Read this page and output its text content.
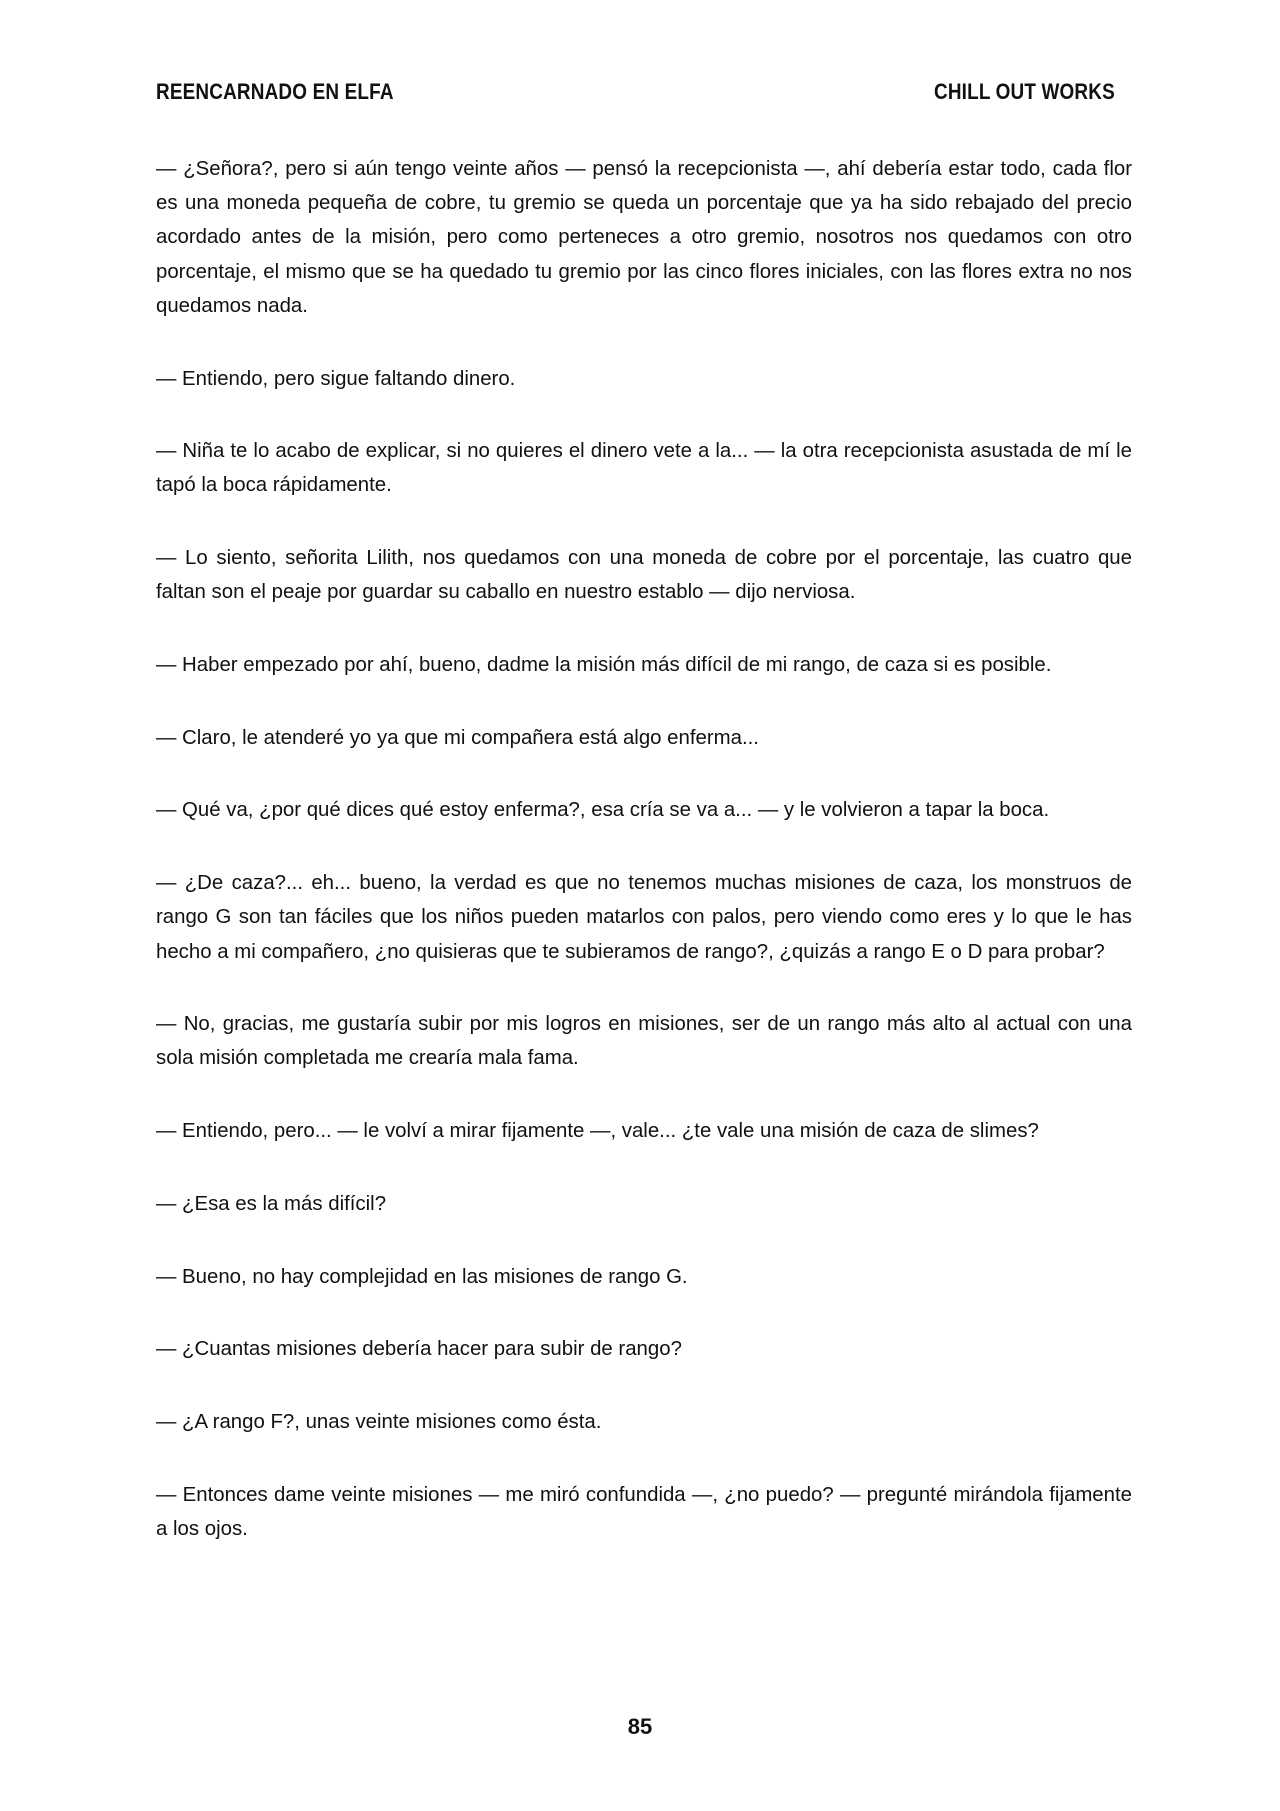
REENCARNADO EN ELFA	CHILL OUT WORKS

— ¿Señora?, pero si aún tengo veinte años — pensó la recepcionista —, ahí debería estar todo, cada flor es una moneda pequeña de cobre, tu gremio se queda un porcentaje que ya ha sido rebajado del precio acordado antes de la misión, pero como perteneces a otro gremio, nosotros nos quedamos con otro porcentaje, el mismo que se ha quedado tu gremio por las cinco flores iniciales, con las flores extra no nos quedamos nada.

— Entiendo, pero sigue faltando dinero.

— Niña te lo acabo de explicar, si no quieres el dinero vete a la... — la otra recepcionista asustada de mí le tapó la boca rápidamente.

— Lo siento, señorita Lilith, nos quedamos con una moneda de cobre por el porcentaje, las cuatro que faltan son el peaje por guardar su caballo en nuestro establo — dijo nerviosa.

— Haber empezado por ahí, bueno, dadme la misión más difícil de mi rango, de caza si es posible.

— Claro, le atenderé yo ya que mi compañera está algo enferma...

— Qué va, ¿por qué dices qué estoy enferma?, esa cría se va a... — y le volvieron a tapar la boca.

— ¿De caza?... eh... bueno, la verdad es que no tenemos muchas misiones de caza, los monstruos de rango G son tan fáciles que los niños pueden matarlos con palos, pero viendo como eres y lo que le has hecho a mi compañero, ¿no quisieras que te subieramos de rango?, ¿quizás a rango E o D para probar?

— No, gracias, me gustaría subir por mis logros en misiones, ser de un rango más alto al actual con una sola misión completada me crearía mala fama.

— Entiendo, pero... — le volví a mirar fijamente —, vale... ¿te vale una misión de caza de slimes?

— ¿Esa es la más difícil?

— Bueno, no hay complejidad en las misiones de rango G.

— ¿Cuantas misiones debería hacer para subir de rango?

— ¿A rango F?, unas veinte misiones como ésta.

— Entonces dame veinte misiones — me miró confundida —, ¿no puedo? — pregunté mirándola fijamente a los ojos.

85
